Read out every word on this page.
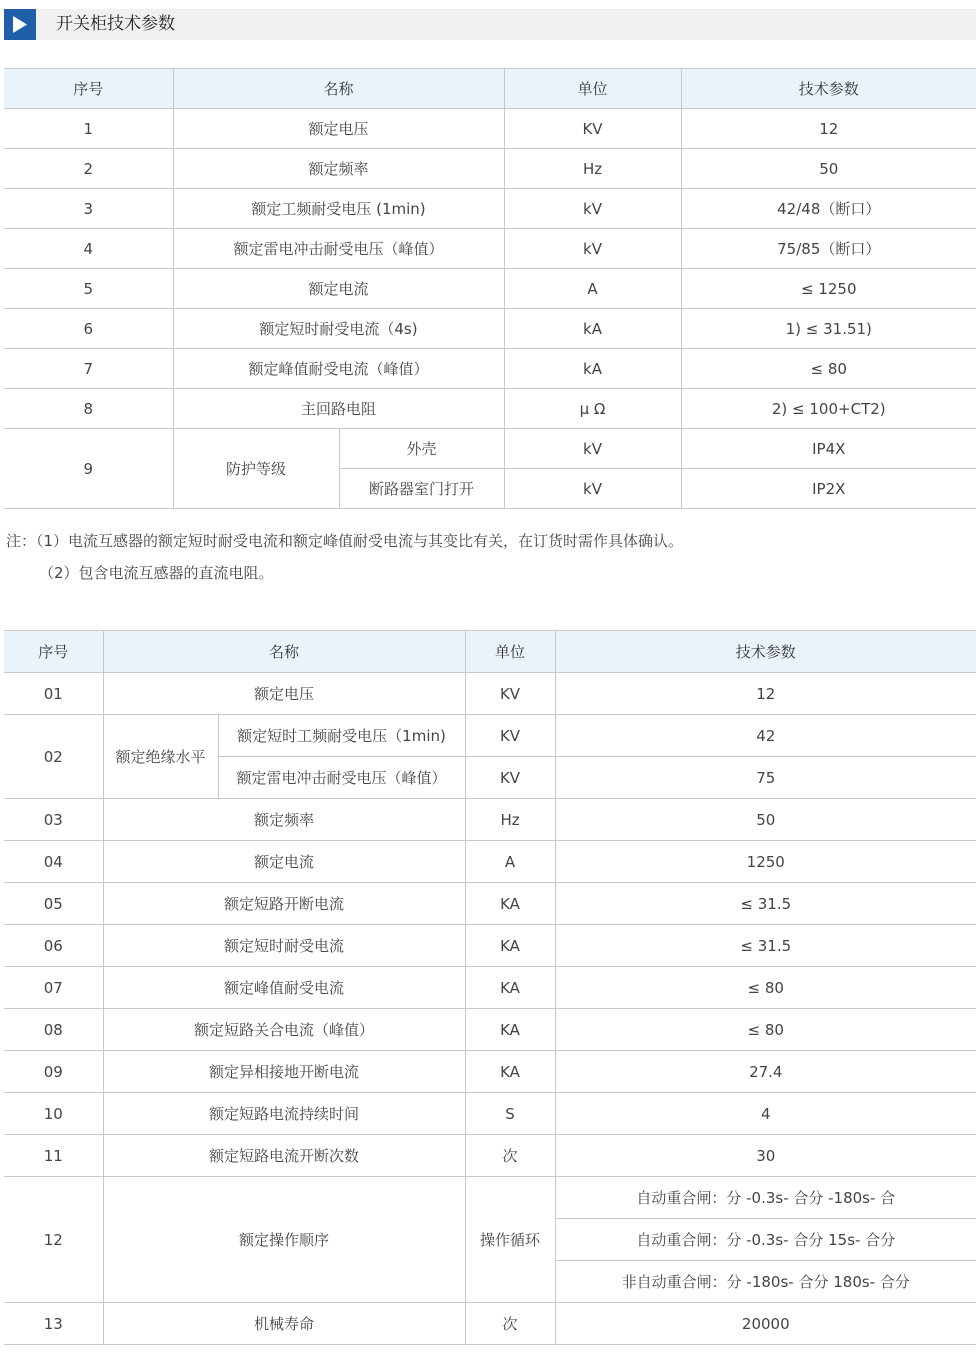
开关柜技术参数
序号	名称		单位	技术参数
1	额定电压		KV	12
2	额定频率		Hz	50
3	额定工频耐受电压 (1min)		kV	42/48（断口）
4	额定雷电冲击耐受电压（峰值）		kV	75/85（断口）
5	额定电流		A	≤ 1250
6	额定短时耐受电流（4s)		kA	1) ≤ 31.51)
7	额定峰值耐受电流（峰值）		kA	≤ 80
8	主回路电阻		μ Ω	2) ≤ 100+CT2)
9	防护等级	外壳	kV	IP4X
		断路器室门打开	kV	IP2X
注：（1）电流互感器的额定短时耐受电流和额定峰值耐受电流与其变比有关，在订货时需作具体确认。
（2）包含电流互感器的直流电阻。
序号	名称		单位	技术参数
01	额定电压		KV	12
02	额定绝缘水平	额定短时工频耐受电压（1min)	KV	42
		额定雷电冲击耐受电压（峰值）	KV	75
03	额定频率		Hz	50
04	额定电流		A	1250
05	额定短路开断电流		KA	≤ 31.5
06	额定短时耐受电流		KA	≤ 31.5
07	额定峰值耐受电流		KA	≤ 80
08	额定短路关合电流（峰值）		KA	≤ 80
09	额定异相接地开断电流		KA	27.4
10	额定短路电流持续时间		S	4
11	额定短路电流开断次数		次	30
12	额定操作顺序		操作循环	自动重合闸：分 -0.3s- 合分 -180s- 合
				自动重合闸：分 -0.3s- 合分 15s- 合分
				非自动重合闸：分 -180s- 合分 180s- 合分
13	机械寿命		次	20000
